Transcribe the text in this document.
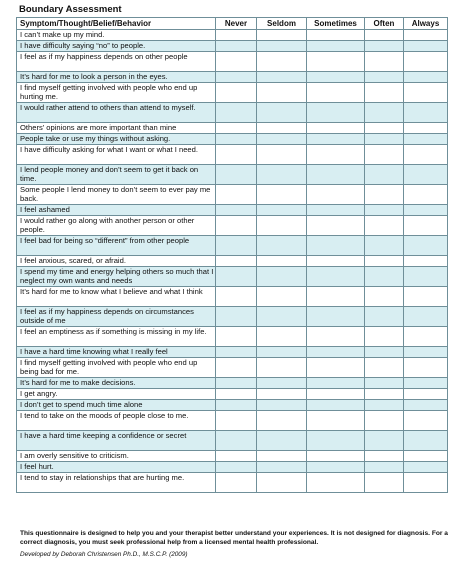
Boundary Assessment
Symptom/Thought/Belief/Behavior	Never	Seldom	Sometimes	Often	Always
I can’t make up my mind.					
I have difficulty saying “no” to people.					
I feel as if my happiness depends on other people					
It’s hard for me to look a person in the eyes.					
I find myself getting involved with people who end up hurting me.					
I would rather attend to others than attend to myself.					
Others’ opinions are more important than mine					
People take or use my things without asking.					
I have difficulty asking for what I want or what I need.					
I lend people money and don’t seem to get it back on time.					
Some people I lend money to don’t seem to ever pay me back.					
I feel ashamed					
I would rather go along with another person or other people.					
I feel bad for being so “different” from other people					
I feel anxious, scared, or afraid.					
I spend my time and energy helping others so much that I neglect my own wants and needs					
It’s hard for me to know what I believe and what I think					
I feel as if my happiness depends on circumstances outside of me					
I feel an emptiness as if something is missing in my life.					
I have a hard time knowing what I really feel					
I find myself getting involved with people who end up being bad for me.					
It’s hard for me to make decisions.					
I get angry.					
I don’t get to spend much time alone					
I tend to take on the moods of people close to me.					
I have a hard time keeping a confidence or secret					
I am overly sensitive to criticism.					
I feel hurt.					
I tend to stay in relationships that are hurting me.					
This questionnaire is designed to help you and your therapist better understand your experiences. It is not designed for diagnosis. For a correct diagnosis, you must seek professional help from a licensed mental health professional.
Developed by Deborah Christensen Ph.D., M.S.C.P. (2009)
